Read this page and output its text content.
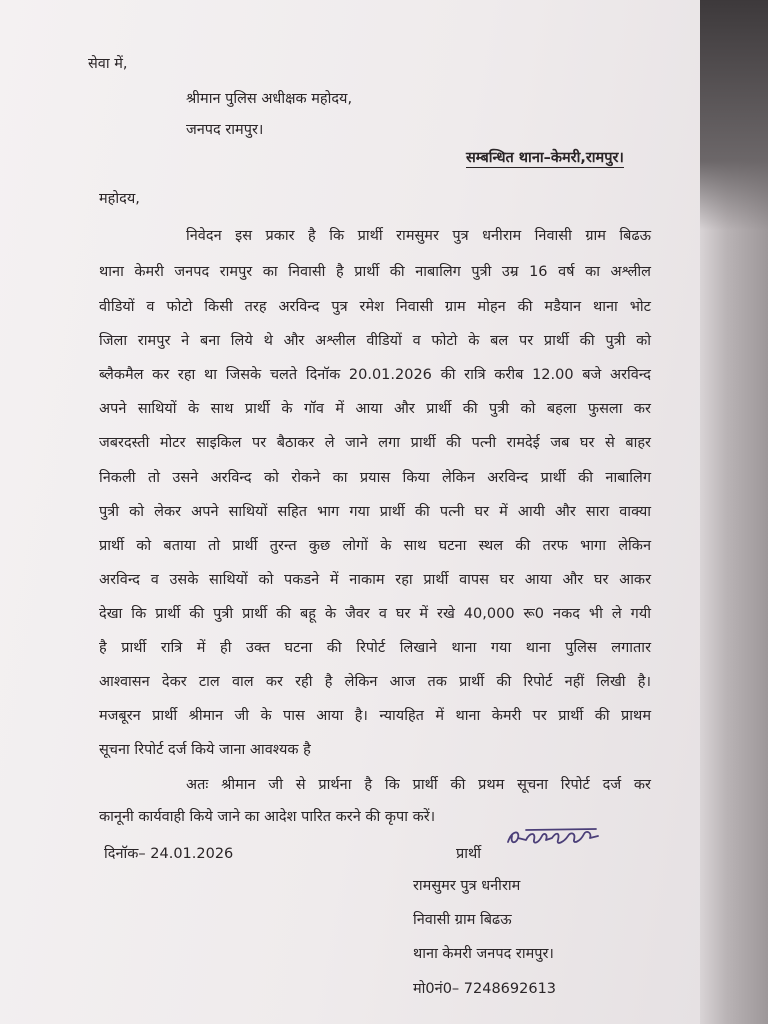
सेवा में,
श्रीमान पुलिस अधीक्षक महोदय,
जनपद रामपुर।
सम्बन्धित थाना–केमरी,रामपुर।
महोदय,
निवेदन इस प्रकार है कि प्रार्थी रामसुमर पुत्र धनीराम निवासी ग्राम बिढऊ
थाना केमरी जनपद रामपुर का निवासी है प्रार्थी की नाबालिग पुत्री उम्र 16 वर्ष का अश्लील
वीडियों व फोटो किसी तरह अरविन्द पुत्र रमेश निवासी ग्राम मोहन की मडैयान थाना भोट
जिला रामपुर ने बना लिये थे और अश्लील वीडियों व फोटो के बल पर प्रार्थी की पुत्री को
ब्लैकमैल कर रहा था जिसके चलते दिनॉक 20.01.2026 की रात्रि करीब 12.00 बजे अरविन्द
अपने साथियों के साथ प्रार्थी के गॉव में आया और प्रार्थी की पुत्री को बहला फुसला कर
जबरदस्ती मोटर साइकिल पर बैठाकर ले जाने लगा प्रार्थी की पत्नी रामदेई जब घर से बाहर
निकली तो उसने अरविन्द को रोकने का प्रयास किया लेकिन अरविन्द प्रार्थी की नाबालिग
पुत्री को लेकर अपने साथियों सहित भाग गया प्रार्थी की पत्नी घर में आयी और सारा वाक्या
प्रार्थी को बताया तो प्रार्थी तुरन्त कुछ लोगों के साथ घटना स्थल की तरफ भागा लेकिन
अरविन्द व उसके साथियों को पकडने में नाकाम रहा प्रार्थी वापस घर आया और घर आकर
देखा कि प्रार्थी की पुत्री प्रार्थी की बहू के जैवर व घर में रखे 40,000 रू0 नकद भी ले गयी
है प्रार्थी रात्रि में ही उक्त घटना की रिपोर्ट लिखाने थाना गया थाना पुलिस लगातार
आश्वासन देकर टाल वाल कर रही है लेकिन आज तक प्रार्थी की रिपोर्ट नहीं लिखी है।
मजबूरन प्रार्थी श्रीमान जी के पास आया है। न्यायहित में थाना केमरी पर प्रार्थी की प्राथम
सूचना रिपोर्ट दर्ज किये जाना आवश्यक है
अतः श्रीमान जी से प्रार्थना है कि प्रार्थी की प्रथम सूचना रिपोर्ट दर्ज कर
कानूनी कार्यवाही किये जाने का आदेश पारित करने की कृपा करें।
दिनॉक– 24.01.2026	प्रार्थी
रामसुमर पुत्र धनीराम
निवासी ग्राम बिढऊ
थाना केमरी जनपद रामपुर।
मो0नं0– 7248692613
